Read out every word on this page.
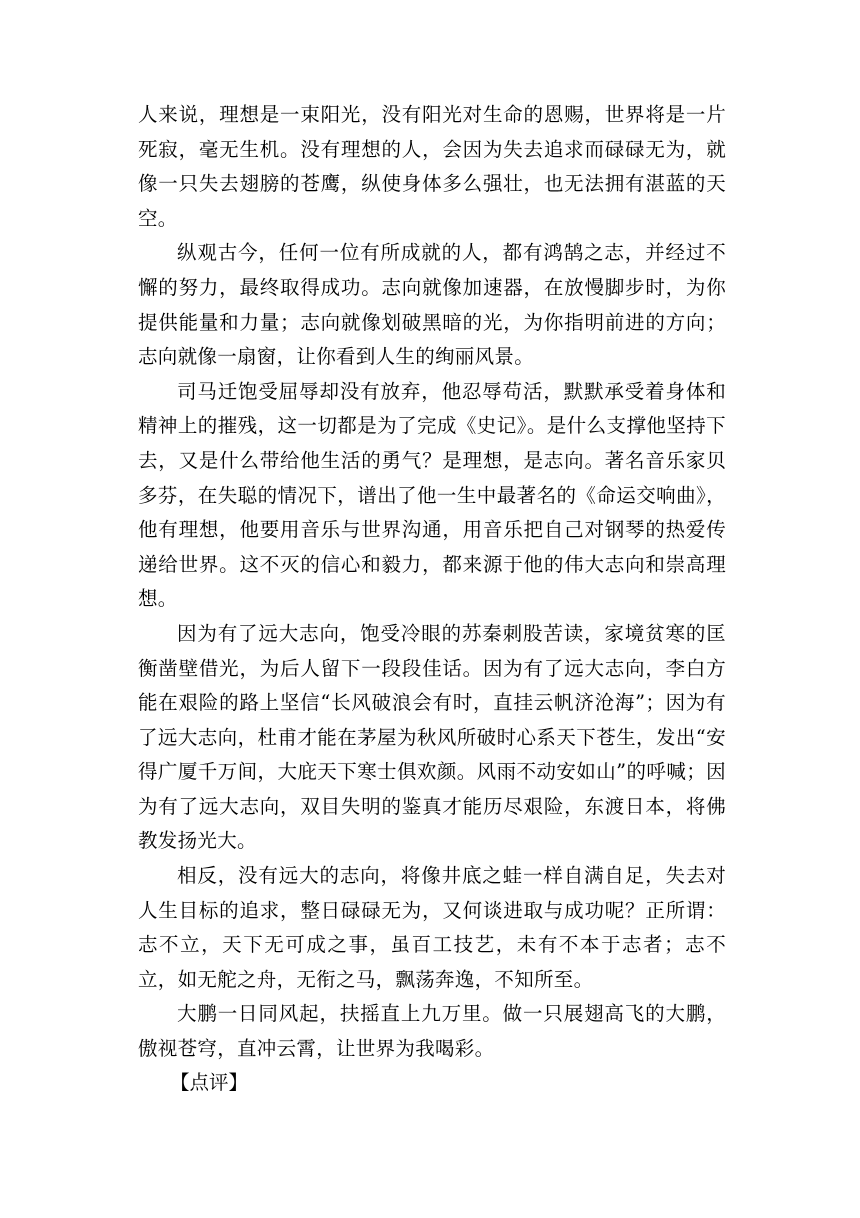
人来说，理想是一束阳光，没有阳光对生命的恩赐，世界将是一片死寂，毫无生机。没有理想的人，会因为失去追求而碌碌无为，就像一只失去翅膀的苍鹰，纵使身体多么强壮，也无法拥有湛蓝的天空。

纵观古今，任何一位有所成就的人，都有鸿鹄之志，并经过不懈的努力，最终取得成功。志向就像加速器，在放慢脚步时，为你提供能量和力量；志向就像划破黑暗的光，为你指明前进的方向；志向就像一扇窗，让你看到人生的绚丽风景。

司马迁饱受屈辱却没有放弃，他忍辱苟活，默默承受着身体和精神上的摧残，这一切都是为了完成《史记》。是什么支撑他坚持下去，又是什么带给他生活的勇气？是理想，是志向。著名音乐家贝多芬，在失聪的情况下，谱出了他一生中最著名的《命运交响曲》，他有理想，他要用音乐与世界沟通，用音乐把自己对钢琴的热爱传递给世界。这不灭的信心和毅力，都来源于他的伟大志向和崇高理想。

因为有了远大志向，饱受冷眼的苏秦刺股苦读，家境贫寒的匡衡凿壁借光，为后人留下一段段佳话。因为有了远大志向，李白方能在艰险的路上坚信“长风破浪会有时，直挂云帆济沧海”；因为有了远大志向，杜甫才能在茅屋为秋风所破时心系天下苍生，发出“安得广厦千万间，大庇天下寒士俱欢颜。风雨不动安如山”的呼喊；因为有了远大志向，双目失明的鉴真才能历尽艰险，东渡日本，将佛教发扬光大。

相反，没有远大的志向，将像井底之蛙一样自满自足，失去对人生目标的追求，整日碌碌无为，又何谈进取与成功呢？正所谓：志不立，天下无可成之事，虽百工技艺，未有不本于志者；志不立，如无舵之舟，无衔之马，飘荡奔逸，不知所至。

大鹏一日同风起，扶摇直上九万里。做一只展翅高飞的大鹏，傲视苍穹，直冲云霄，让世界为我喝彩。

【点评】
